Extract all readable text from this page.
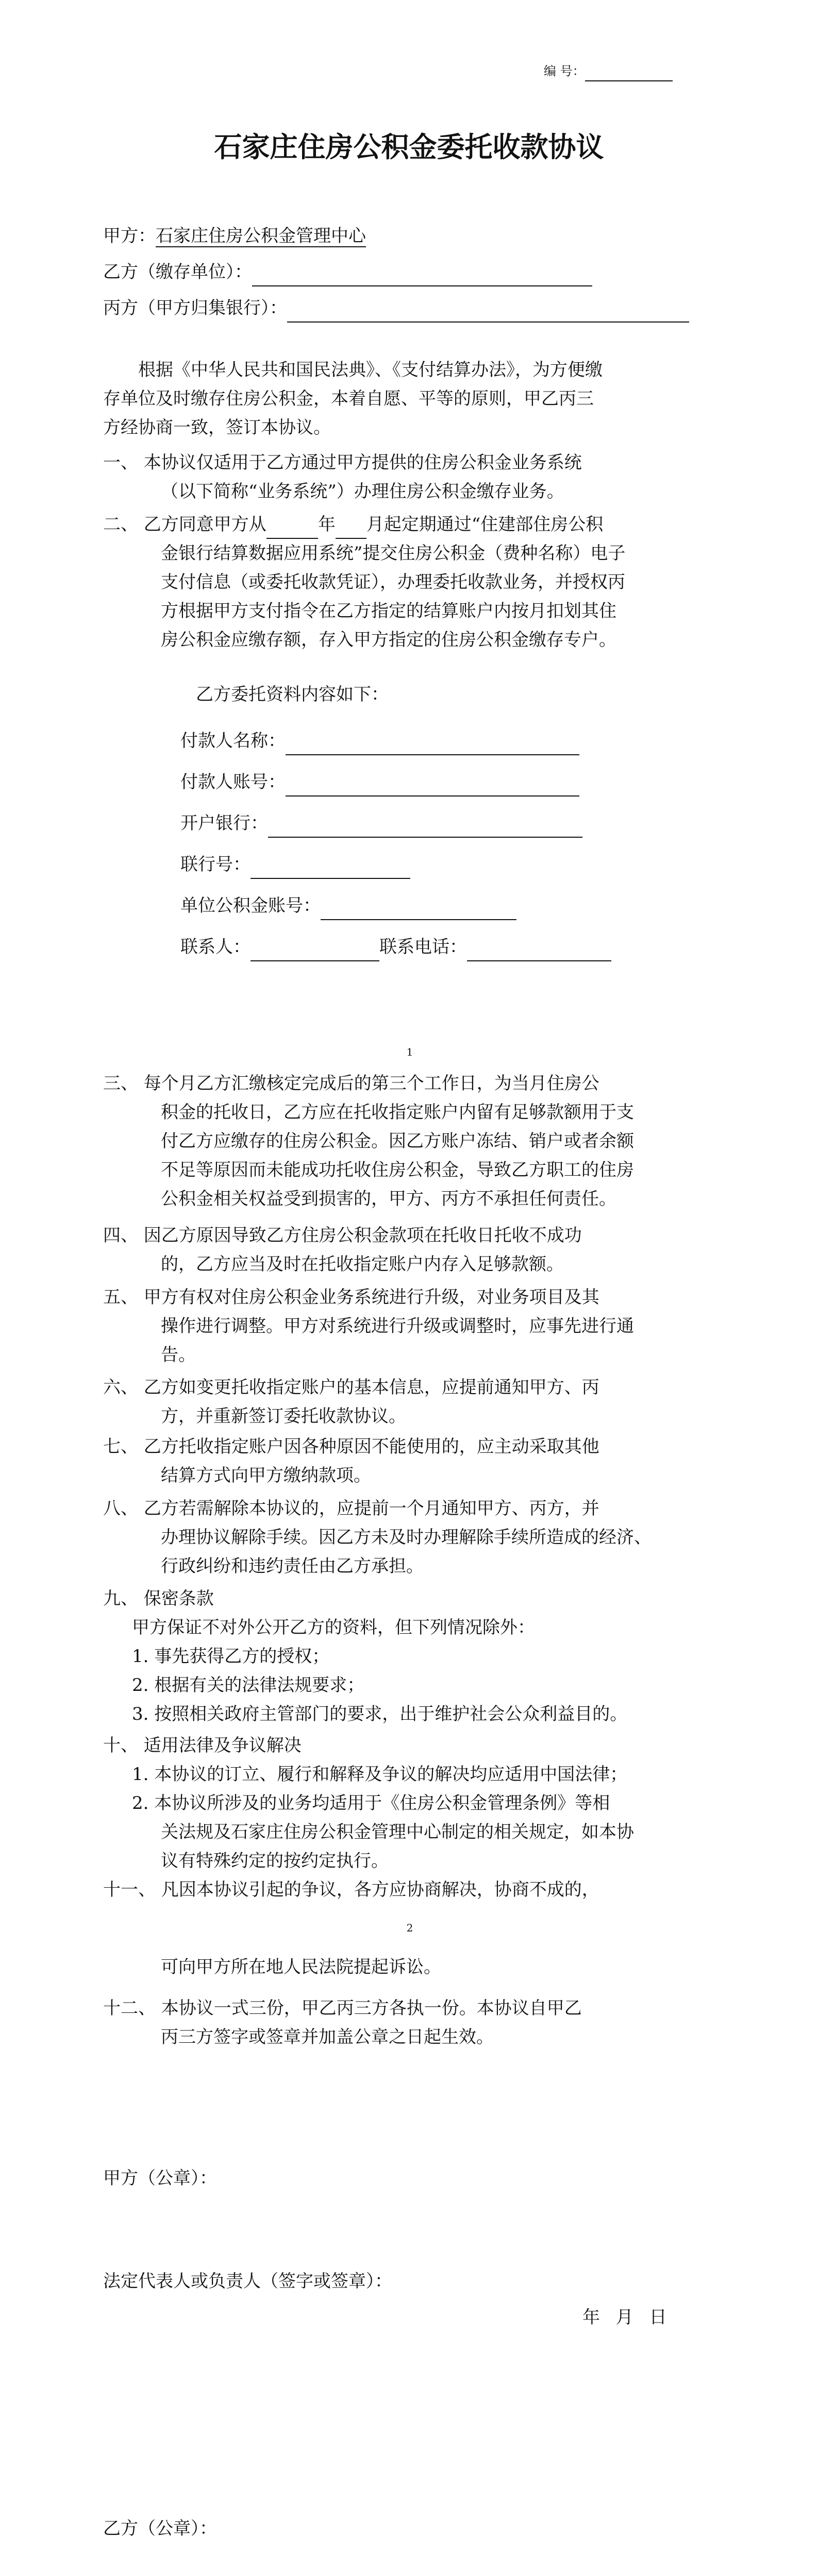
编 号：
石家庄住房公积金委托收款协议
甲方：石家庄住房公积金管理中心
乙方（缴存单位）：
丙方（甲方归集银行）：
根据《中华人民共和国民法典》、《支付结算办法》，为方便缴
存单位及时缴存住房公积金，本着自愿、平等的原则，甲乙丙三
方经协商一致，签订本协议。
一、 本协议仅适用于乙方通过甲方提供的住房公积金业务系统
（以下简称“业务系统”）办理住房公积金缴存业务。
二、 乙方同意甲方从	年 月起定期通过“住建部住房公积
金银行结算数据应用系统”提交住房公积金（费种名称）电子
支付信息（或委托收款凭证），办理委托收款业务，并授权丙
方根据甲方支付指令在乙方指定的结算账户内按月扣划其住
房公积金应缴存额，存入甲方指定的住房公积金缴存专户。
乙方委托资料内容如下：
付款人名称：
付款人账号：
开户银行：
联行号：
单位公积金账号：
联系人：	联系电话：
1
三、 每个月乙方汇缴核定完成后的第三个工作日，为当月住房公
积金的托收日，乙方应在托收指定账户内留有足够款额用于支
付乙方应缴存的住房公积金。因乙方账户冻结、销户或者余额
不足等原因而未能成功托收住房公积金，导致乙方职工的住房
公积金相关权益受到损害的，甲方、丙方不承担任何责任。
四、 因乙方原因导致乙方住房公积金款项在托收日托收不成功
的，乙方应当及时在托收指定账户内存入足够款额。
五、 甲方有权对住房公积金业务系统进行升级，对业务项目及其
操作进行调整。甲方对系统进行升级或调整时，应事先进行通
告。
六、 乙方如变更托收指定账户的基本信息，应提前通知甲方、丙
方，并重新签订委托收款协议。
七、 乙方托收指定账户因各种原因不能使用的，应主动采取其他
结算方式向甲方缴纳款项。
八、 乙方若需解除本协议的，应提前一个月通知甲方、丙方，并
办理协议解除手续。因乙方未及时办理解除手续所造成的经济、
行政纠纷和违约责任由乙方承担。
九、 保密条款
甲方保证不对外公开乙方的资料，但下列情况除外：
1. 事先获得乙方的授权；
2. 根据有关的法律法规要求；
3. 按照相关政府主管部门的要求，出于维护社会公众利益目的。
十、 适用法律及争议解决
1. 本协议的订立、履行和解释及争议的解决均应适用中国法律；
2. 本协议所涉及的业务均适用于《住房公积金管理条例》等相
关法规及石家庄住房公积金管理中心制定的相关规定，如本协
议有特殊约定的按约定执行。
十一、 凡因本协议引起的争议，各方应协商解决，协商不成的，
2
可向甲方所在地人民法院提起诉讼。
十二、 本协议一式三份，甲乙丙三方各执一份。本协议自甲乙
丙三方签字或签章并加盖公章之日起生效。
甲方（公章）：
法定代表人或负责人（签字或签章）：
年 月 日
乙方（公章）：
